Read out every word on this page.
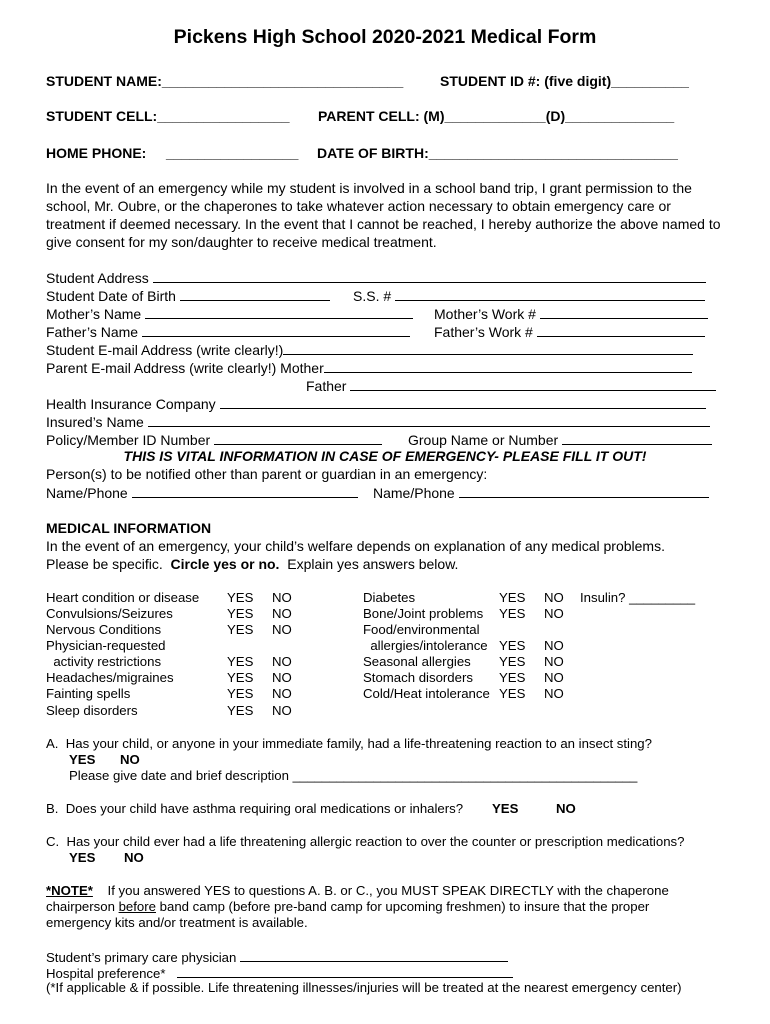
Pickens High School 2020-2021 Medical Form
STUDENT NAME:_______________________________	STUDENT ID #: (five digit)__________
STUDENT CELL:_________________ PARENT CELL: (M)_____________(D)______________
HOME PHONE: _________________ DATE OF BIRTH:________________________________
In the event of an emergency while my student is involved in a school band trip, I grant permission to the school, Mr. Oubre, or the chaperones to take whatever action necessary to obtain emergency care or treatment if deemed necessary. In the event that I cannot be reached, I hereby authorize the above named to give consent for my son/daughter to receive medical treatment.
Student Address
Student Date of Birth	S.S. #
Mother’s Name	Mother’s Work #
Father’s Name	Father’s Work #
Student E-mail Address (write clearly!)
Parent E-mail Address (write clearly!) Mother
Father
Health Insurance Company
Insured’s Name
Policy/Member ID Number	Group Name or Number
THIS IS VITAL INFORMATION IN CASE OF EMERGENCY- PLEASE FILL IT OUT!
Person(s) to be notified other than parent or guardian in an emergency:
Name/Phone	Name/Phone
MEDICAL INFORMATION
In the event of an emergency, your child’s welfare depends on explanation of any medical problems.
Please be specific.  Circle yes or no.  Explain yes answers below.
Heart condition or disease YES NO
Convulsions/Seizures	YES NO
Nervous Conditions	YES NO
Physician-requested
activity restrictions	YES NO
Headaches/migraines	YES NO
Fainting spells	YES NO
Sleep disorders	YES NO
Diabetes	YES NO
Bone/Joint problems YES NO
Food/environmental
allergies/intolerance YES NO
Seasonal allergies YES NO
Stomach disorders YES NO
Cold/Heat intolerance YES NO
Insulin? _________
A.  Has your child, or anyone in your immediate family, had a life-threatening reaction to an insect sting?
YES NO
Please give date and brief description _______________________________________________
B.  Does your child have asthma requiring oral medications or inhalers? YES	NO
C.  Has your child ever had a life threatening allergic reaction to over the counter or prescription medications?
YES NO
*NOTE*    If you answered YES to questions A. B. or C., you MUST SPEAK DIRECTLY with the chaperone
chairperson before band camp (before pre-band camp for upcoming freshmen) to insure that the proper
emergency kits and/or treatment is available.
Student’s primary care physician
Hospital preference*
(*If applicable & if possible. Life threatening illnesses/injuries will be treated at the nearest emergency center)
